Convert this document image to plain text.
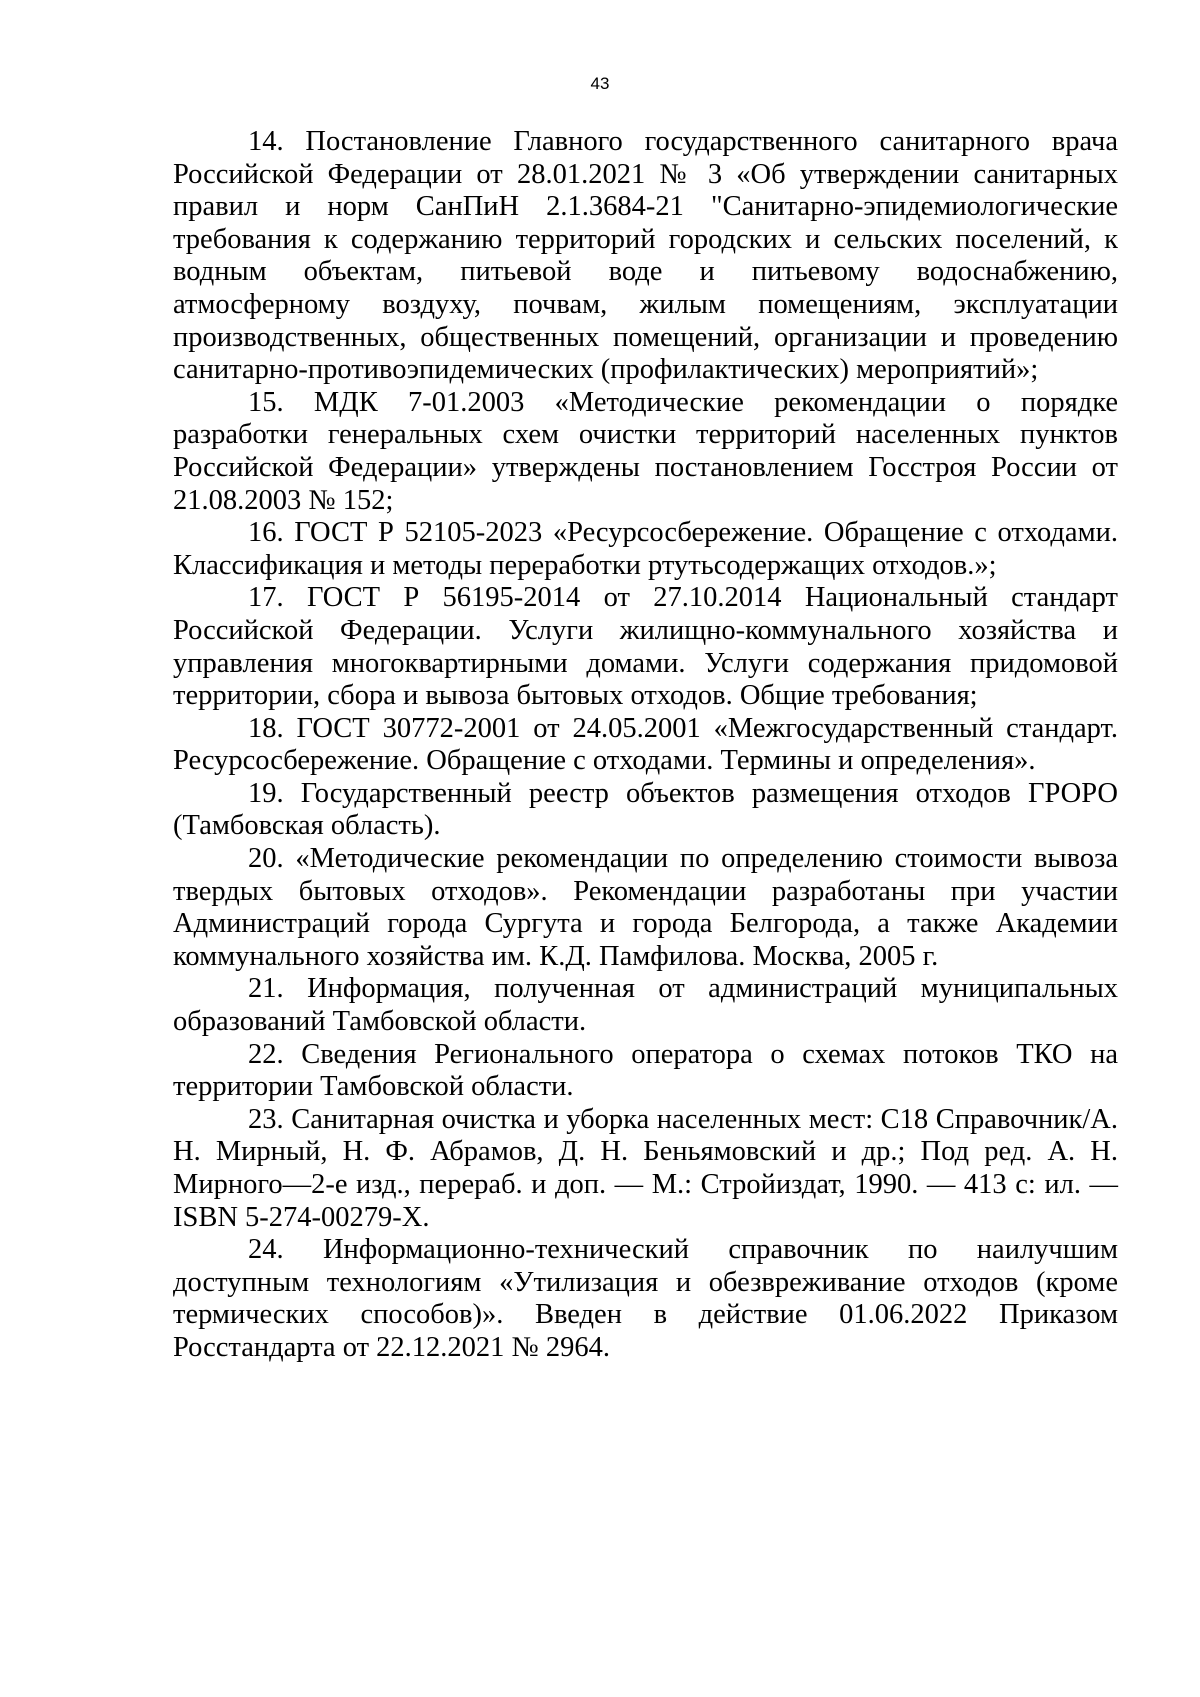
43

14. Постановление Главного государственного санитарного врача Российской Федерации от 28.01.2021 № 3 «Об утверждении санитарных правил и норм СанПиН 2.1.3684-21 "Санитарно-эпидемиологические требования к содержанию территорий городских и сельских поселений, к водным объектам, питьевой воде и питьевому водоснабжению, атмосферному воздуху, почвам, жилым помещениям, эксплуатации производственных, общественных помещений, организации и проведению санитарно-противоэпидемических (профилактических) мероприятий»;

15. МДК 7-01.2003 «Методические рекомендации о порядке разработки генеральных схем очистки территорий населенных пунктов Российской Федерации» утверждены постановлением Госстроя России от 21.08.2003 № 152;

16. ГОСТ Р 52105-2023 «Ресурсосбережение. Обращение с отходами. Классификация и методы переработки ртутьсодержащих отходов.»;

17. ГОСТ Р 56195-2014 от 27.10.2014 Национальный стандарт Российской Федерации. Услуги жилищно-коммунального хозяйства и управления многоквартирными домами. Услуги содержания придомовой территории, сбора и вывоза бытовых отходов. Общие требования;

18. ГОСТ 30772-2001 от 24.05.2001 «Межгосударственный стандарт. Ресурсосбережение. Обращение с отходами. Термины и определения».

19. Государственный реестр объектов размещения отходов ГРОРО (Тамбовская область).

20. «Методические рекомендации по определению стоимости вывоза твердых бытовых отходов». Рекомендации разработаны при участии Администраций города Сургута и города Белгорода, а также Академии коммунального хозяйства им. К.Д. Памфилова. Москва, 2005 г.

21. Информация, полученная от администраций муниципальных образований Тамбовской области.

22. Сведения Регионального оператора о схемах потоков ТКО на территории Тамбовской области.

23. Санитарная очистка и уборка населенных мест: С18 Справочник/А. Н. Мирный, Н. Ф. Абрамов, Д. Н. Беньямовский и др.; Под ред. А. Н. Мирного—2-е изд., перераб. и доп. — М.: Стройиздат, 1990. — 413 с: ил. — ISBN 5-274-00279-Х.

24. Информационно-технический справочник по наилучшим доступным технологиям «Утилизация и обезвреживание отходов (кроме термических способов)». Введен в действие 01.06.2022 Приказом Росстандарта от 22.12.2021 № 2964.
